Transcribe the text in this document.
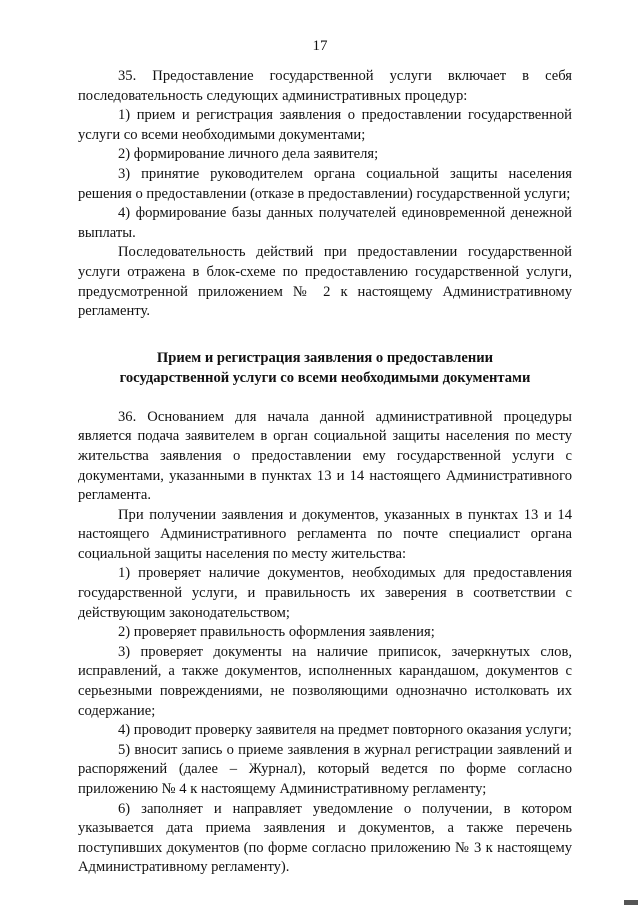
17

35. Предоставление государственной услуги включает в себя последовательность следующих административных процедур:

1) прием и регистрация заявления о предоставлении государственной услуги со всеми необходимыми документами;

2) формирование личного дела заявителя;

3) принятие руководителем органа социальной защиты населения решения о предоставлении (отказе в предоставлении) государственной услуги;

4) формирование базы данных получателей единовременной денежной выплаты.

Последовательность действий при предоставлении государственной услуги отражена в блок-схеме по предоставлению государственной услуги, предусмотренной приложением № 2 к настоящему Административному регламенту.

Прием и регистрация заявления о предоставлении
государственной услуги со всеми необходимыми документами

36. Основанием для начала данной административной процедуры является подача заявителем в орган социальной защиты населения по месту жительства заявления о предоставлении ему государственной услуги с документами, указанными в пунктах 13 и 14 настоящего Административного регламента.

При получении заявления и документов, указанных в пунктах 13 и 14 настоящего Административного регламента по почте специалист органа социальной защиты населения по месту жительства:

1) проверяет наличие документов, необходимых для предоставления государственной услуги, и правильность их заверения в соответствии с действующим законодательством;

2) проверяет правильность оформления заявления;

3) проверяет документы на наличие приписок, зачеркнутых слов, исправлений, а также документов, исполненных карандашом, документов с серьезными повреждениями, не позволяющими однозначно истолковать их содержание;

4) проводит проверку заявителя на предмет повторного оказания услуги;

5) вносит запись о приеме заявления в журнал регистрации заявлений и распоряжений (далее – Журнал), который ведется по форме согласно приложению № 4 к настоящему Административному регламенту;

6) заполняет и направляет уведомление о получении, в котором указывается дата приема заявления и документов, а также перечень поступивших документов (по форме согласно приложению № 3 к настоящему Административному регламенту).
